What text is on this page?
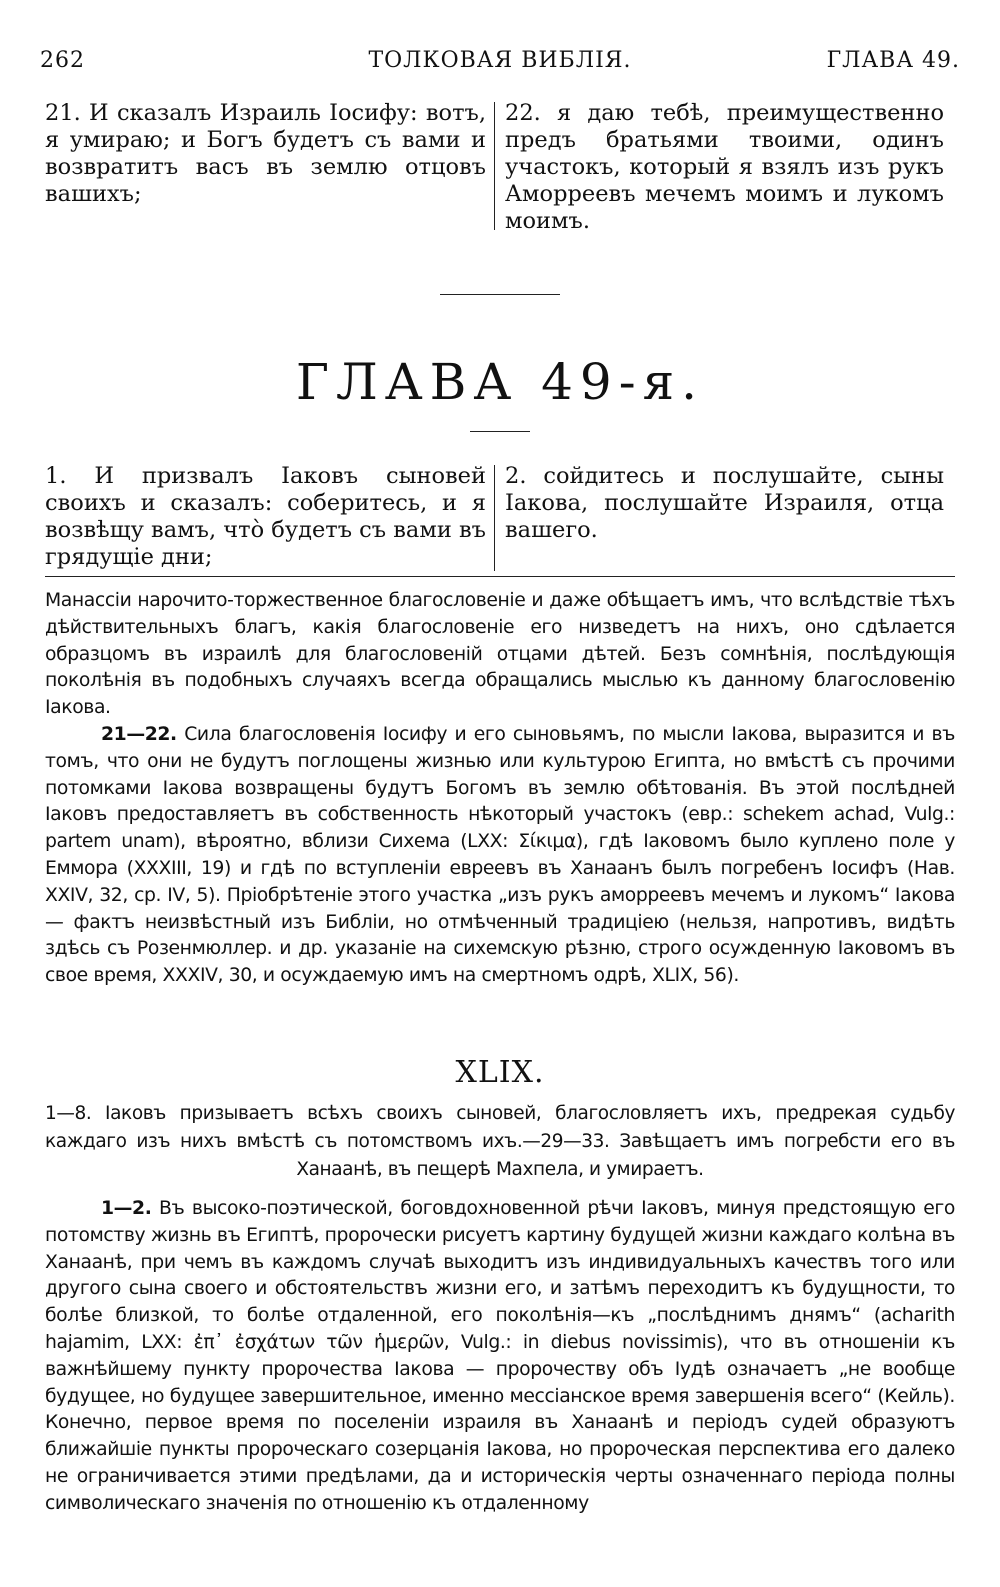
262	ТОЛКОВАЯ ВИБЛІЯ.	ГЛАВА 49.
21. И сказалъ Израиль Іосифу: вотъ, я умираю; и Богъ будетъ съ вами и возвратитъ васъ въ землю отцовъ вашихъ;
22. я даю тебѣ, преимущественно предъ братьями твоими, одинъ участокъ, который я взялъ изъ рукъ Аморреевъ мечемъ моимъ и лукомъ моимъ.
ГЛАВА 49-я.
1. И призвалъ Іаковъ сыновей своихъ и сказалъ: соберитесь, и я возвѣщу вамъ, что̀ будетъ съ вами въ грядущіе дни;
2. сойдитесь и послушайте, сыны Іакова, послушайте Израиля, отца вашего.

Манассіи нарочито-торжественное благословеніе и даже обѣщаетъ имъ, что вслѣдствіе тѣхъ дѣйствительныхъ благъ, какія благословеніе его низведетъ на нихъ, оно сдѣлается образцомъ въ израилѣ для благословеній отцами дѣтей. Безъ сомнѣнія, послѣдующія поколѣнія въ подобныхъ случаяхъ всегда обращались мыслью къ данному благословенію Іакова.

21—22. Сила благословенія Іосифу и его сыновьямъ, по мысли Іакова, выразится и въ томъ, что они не будутъ поглощены жизнью или культурою Египта, но вмѣстѣ съ прочими потомками Іакова возвращены будутъ Богомъ въ землю обѣтованія. Въ этой послѣдней Іаковъ предоставляетъ въ собственность нѣкоторый участокъ (евр.: schekem achad, Vulg.: partem unam), вѣроятно, вблизи Сихема (LXX: Σίκιμα), гдѣ Іаковомъ было куплено поле у Еммора (XXXIII, 19) и гдѣ по вступленіи евреевъ въ Ханаанъ былъ погребенъ Іосифъ (Нав. XXIV, 32, ср. IV, 5). Пріобрѣтеніе этого участка „изъ рукъ аморреевъ мечемъ и лукомъ“ Іакова — фактъ неизвѣстный изъ Библіи, но отмѣченный традиціею (нельзя, напротивъ, видѣть здѣсь съ Розенмюллер. и др. указаніе на сихемскую рѣзню, строго осужденную Іаковомъ въ свое время, XXXIV, 30, и осуждаемую имъ на смертномъ одрѣ, XLIX, 56).

XLIX.
1—8. Іаковъ призываетъ всѣхъ своихъ сыновей, благословляетъ ихъ, предрекая судьбу каждаго изъ нихъ вмѣстѣ съ потомствомъ ихъ.—29—33. Завѣщаетъ имъ погребсти его въ Ханаанѣ, въ пещерѣ Махпела, и умираетъ.

1—2. Въ высоко-поэтической, боговдохновенной рѣчи Іаковъ, минуя предстоящую его потомству жизнь въ Египтѣ, пророчески рисуетъ картину будущей жизни каждаго колѣна въ Ханаанѣ, при чемъ въ каждомъ случаѣ выходитъ изъ индивидуальныхъ качествъ того или другого сына своего и обстоятельствъ жизни его, и затѣмъ переходитъ къ будущности, то болѣе близкой, то болѣе отдаленной, его поколѣнія—къ „послѣднимъ днямъ“ (acharith hajamim, LXX: ἐπ᾽ ἐσχάτων τῶν ἡμερῶν, Vulg.: in diebus novissimis), что въ отношеніи къ важнѣйшему пункту пророчества Іакова — пророчеству объ Іудѣ означаетъ „не вообще будущее, но будущее завершительное, именно мессіанское время завершенія всего“ (Кейль). Конечно, первое время по поселеніи израиля въ Ханаанѣ и періодъ судей образуютъ ближайшіе пункты пророческаго созерцанія Іакова, но пророческая перспектива его далеко не ограничивается этими предѣлами, да и историческія черты означеннаго періода полны символическаго значенія по отношенію къ отдаленному
